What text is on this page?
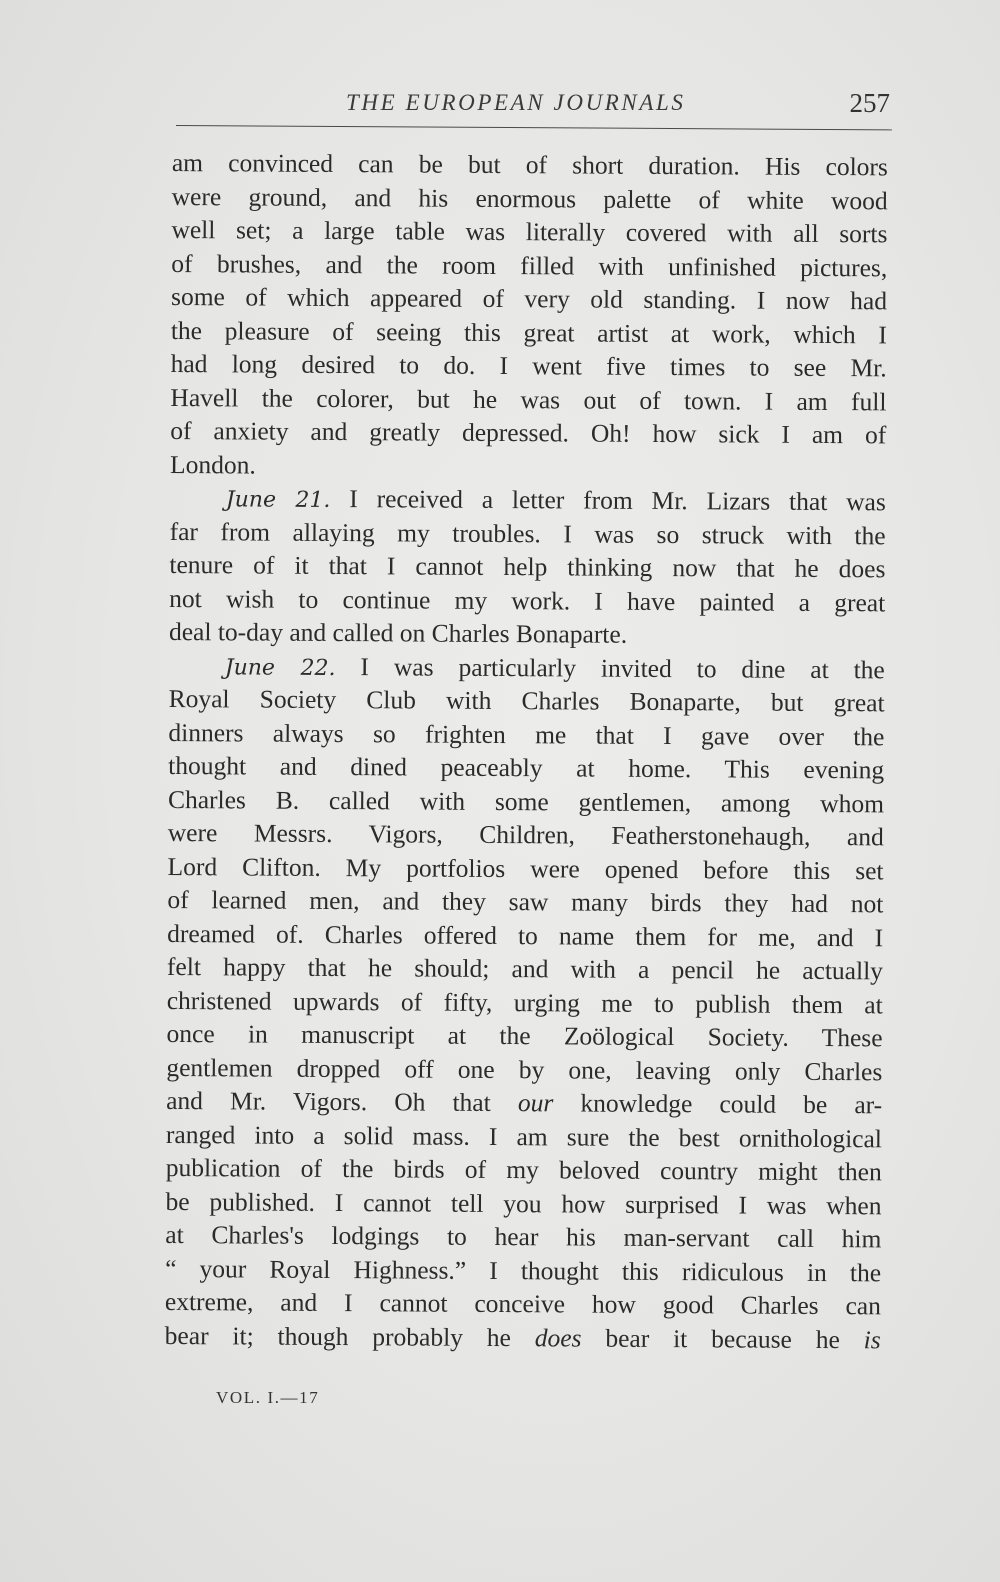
THE EUROPEAN JOURNALS	257
am convinced can be but of short duration. His colors
were ground, and his enormous palette of white wood
well set; a large table was literally covered with all sorts
of brushes, and the room filled with unfinished pictures,
some of which appeared of very old standing. I now had
the pleasure of seeing this great artist at work, which I
had long desired to do. I went five times to see Mr.
Havell the colorer, but he was out of town. I am full
of anxiety and greatly depressed. Oh! how sick I am of
London.
June 21. I received a letter from Mr. Lizars that was
far from allaying my troubles. I was so struck with the
tenure of it that I cannot help thinking now that he does
not wish to continue my work. I have painted a great
deal to-day and called on Charles Bonaparte.
June 22. I was particularly invited to dine at the
Royal Society Club with Charles Bonaparte, but great
dinners always so frighten me that I gave over the
thought and dined peaceably at home. This evening
Charles B. called with some gentlemen, among whom
were Messrs. Vigors, Children, Featherstonehaugh, and
Lord Clifton. My portfolios were opened before this set
of learned men, and they saw many birds they had not
dreamed of. Charles offered to name them for me, and I
felt happy that he should; and with a pencil he actually
christened upwards of fifty, urging me to publish them at
once in manuscript at the Zoölogical Society. These
gentlemen dropped off one by one, leaving only Charles
and Mr. Vigors. Oh that our knowledge could be ar-
ranged into a solid mass. I am sure the best ornithological
publication of the birds of my beloved country might then
be published. I cannot tell you how surprised I was when
at Charles's lodgings to hear his man-servant call him
“ your Royal Highness.” I thought this ridiculous in the
extreme, and I cannot conceive how good Charles can
bear it; though probably he does bear it because he is
VOL. I.—17
